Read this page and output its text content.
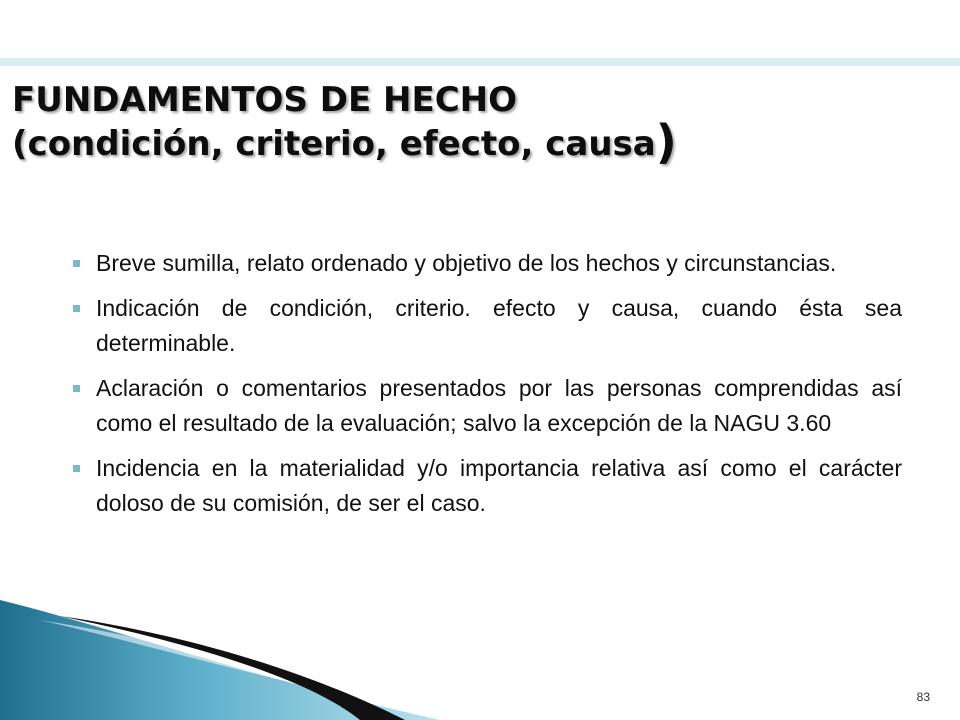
FUNDAMENTOS DE HECHO
(condición, criterio, efecto, causa)
Breve sumilla, relato ordenado y objetivo de los hechos y circunstancias.
Indicación de condición, criterio. efecto y causa, cuando ésta sea determinable.
Aclaración o comentarios presentados por las personas comprendidas así como el resultado de la evaluación; salvo la excepción de la NAGU 3.60
Incidencia en la materialidad y/o importancia relativa así como el carácter doloso de su comisión, de ser el caso.
83
